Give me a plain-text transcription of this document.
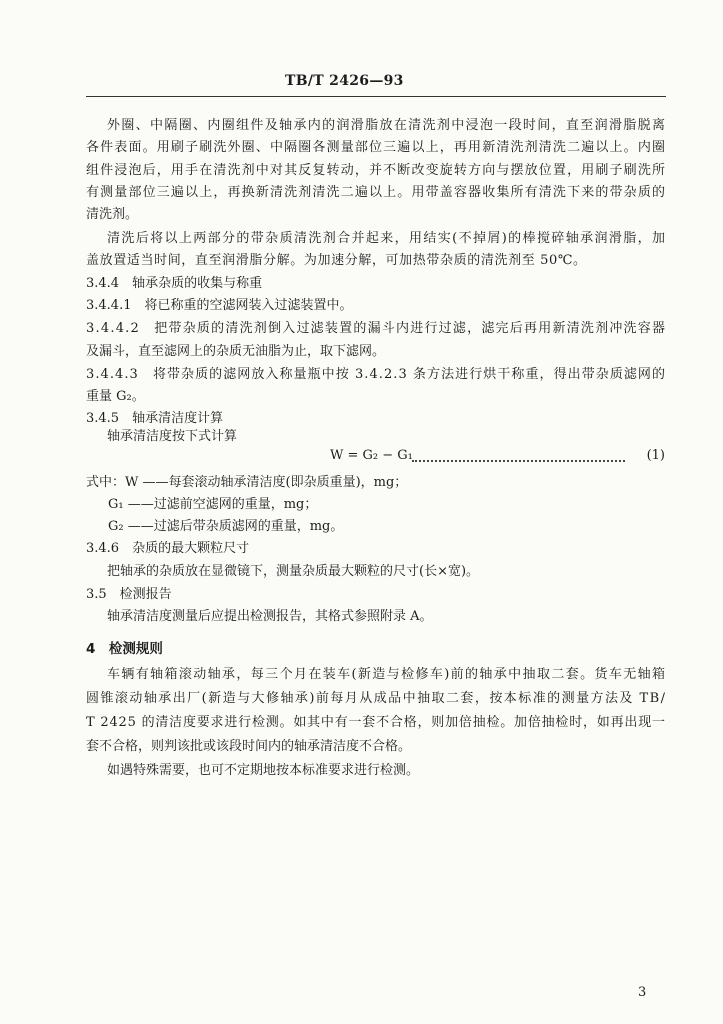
TB/T 2426—93
外圈、中隔圈、内圈组件及轴承内的润滑脂放在清洗剂中浸泡一段时间，直至润滑脂脱离
各件表面。用刷子刷洗外圈、中隔圈各测量部位三遍以上，再用新清洗剂清洗二遍以上。内圈
组件浸泡后，用手在清洗剂中对其反复转动，并不断改变旋转方向与摆放位置，用刷子刷洗所
有测量部位三遍以上，再换新清洗剂清洗二遍以上。用带盖容器收集所有清洗下来的带杂质的
清洗剂。
清洗后将以上两部分的带杂质清洗剂合并起来，用结实(不掉屑)的棒搅碎轴承润滑脂，加
盖放置适当时间，直至润滑脂分解。为加速分解，可加热带杂质的清洗剂至 50℃。
3.4.4　轴承杂质的收集与称重
3.4.4.1　将已称重的空滤网装入过滤装置中。
3.4.4.2　把带杂质的清洗剂倒入过滤装置的漏斗内进行过滤，滤完后再用新清洗剂冲洗容器
及漏斗，直至滤网上的杂质无油脂为止，取下滤网。
3.4.4.3　将带杂质的滤网放入称量瓶中按 3.4.2.3 条方法进行烘干称重，得出带杂质滤网的
重量 G₂。
3.4.5　轴承清洁度计算
轴承清洁度按下式计算
W = G₂ − G₁	(1)
式中：W ——每套滚动轴承清洁度(即杂质重量)，mg；
G₁ ——过滤前空滤网的重量，mg；
G₂ ——过滤后带杂质滤网的重量，mg。
3.4.6　杂质的最大颗粒尺寸
把轴承的杂质放在显微镜下，测量杂质最大颗粒的尺寸(长×宽)。
3.5　检测报告
轴承清洁度测量后应提出检测报告，其格式参照附录 A。
4　检测规则
车辆有轴箱滚动轴承，每三个月在装车(新造与检修车)前的轴承中抽取二套。货车无轴箱
圆锥滚动轴承出厂(新造与大修轴承)前每月从成品中抽取二套，按本标准的测量方法及 TB/
T 2425 的清洁度要求进行检测。如其中有一套不合格，则加倍抽检。加倍抽检时，如再出现一
套不合格，则判该批或该段时间内的轴承清洁度不合格。
如遇特殊需要，也可不定期地按本标准要求进行检测。
3
